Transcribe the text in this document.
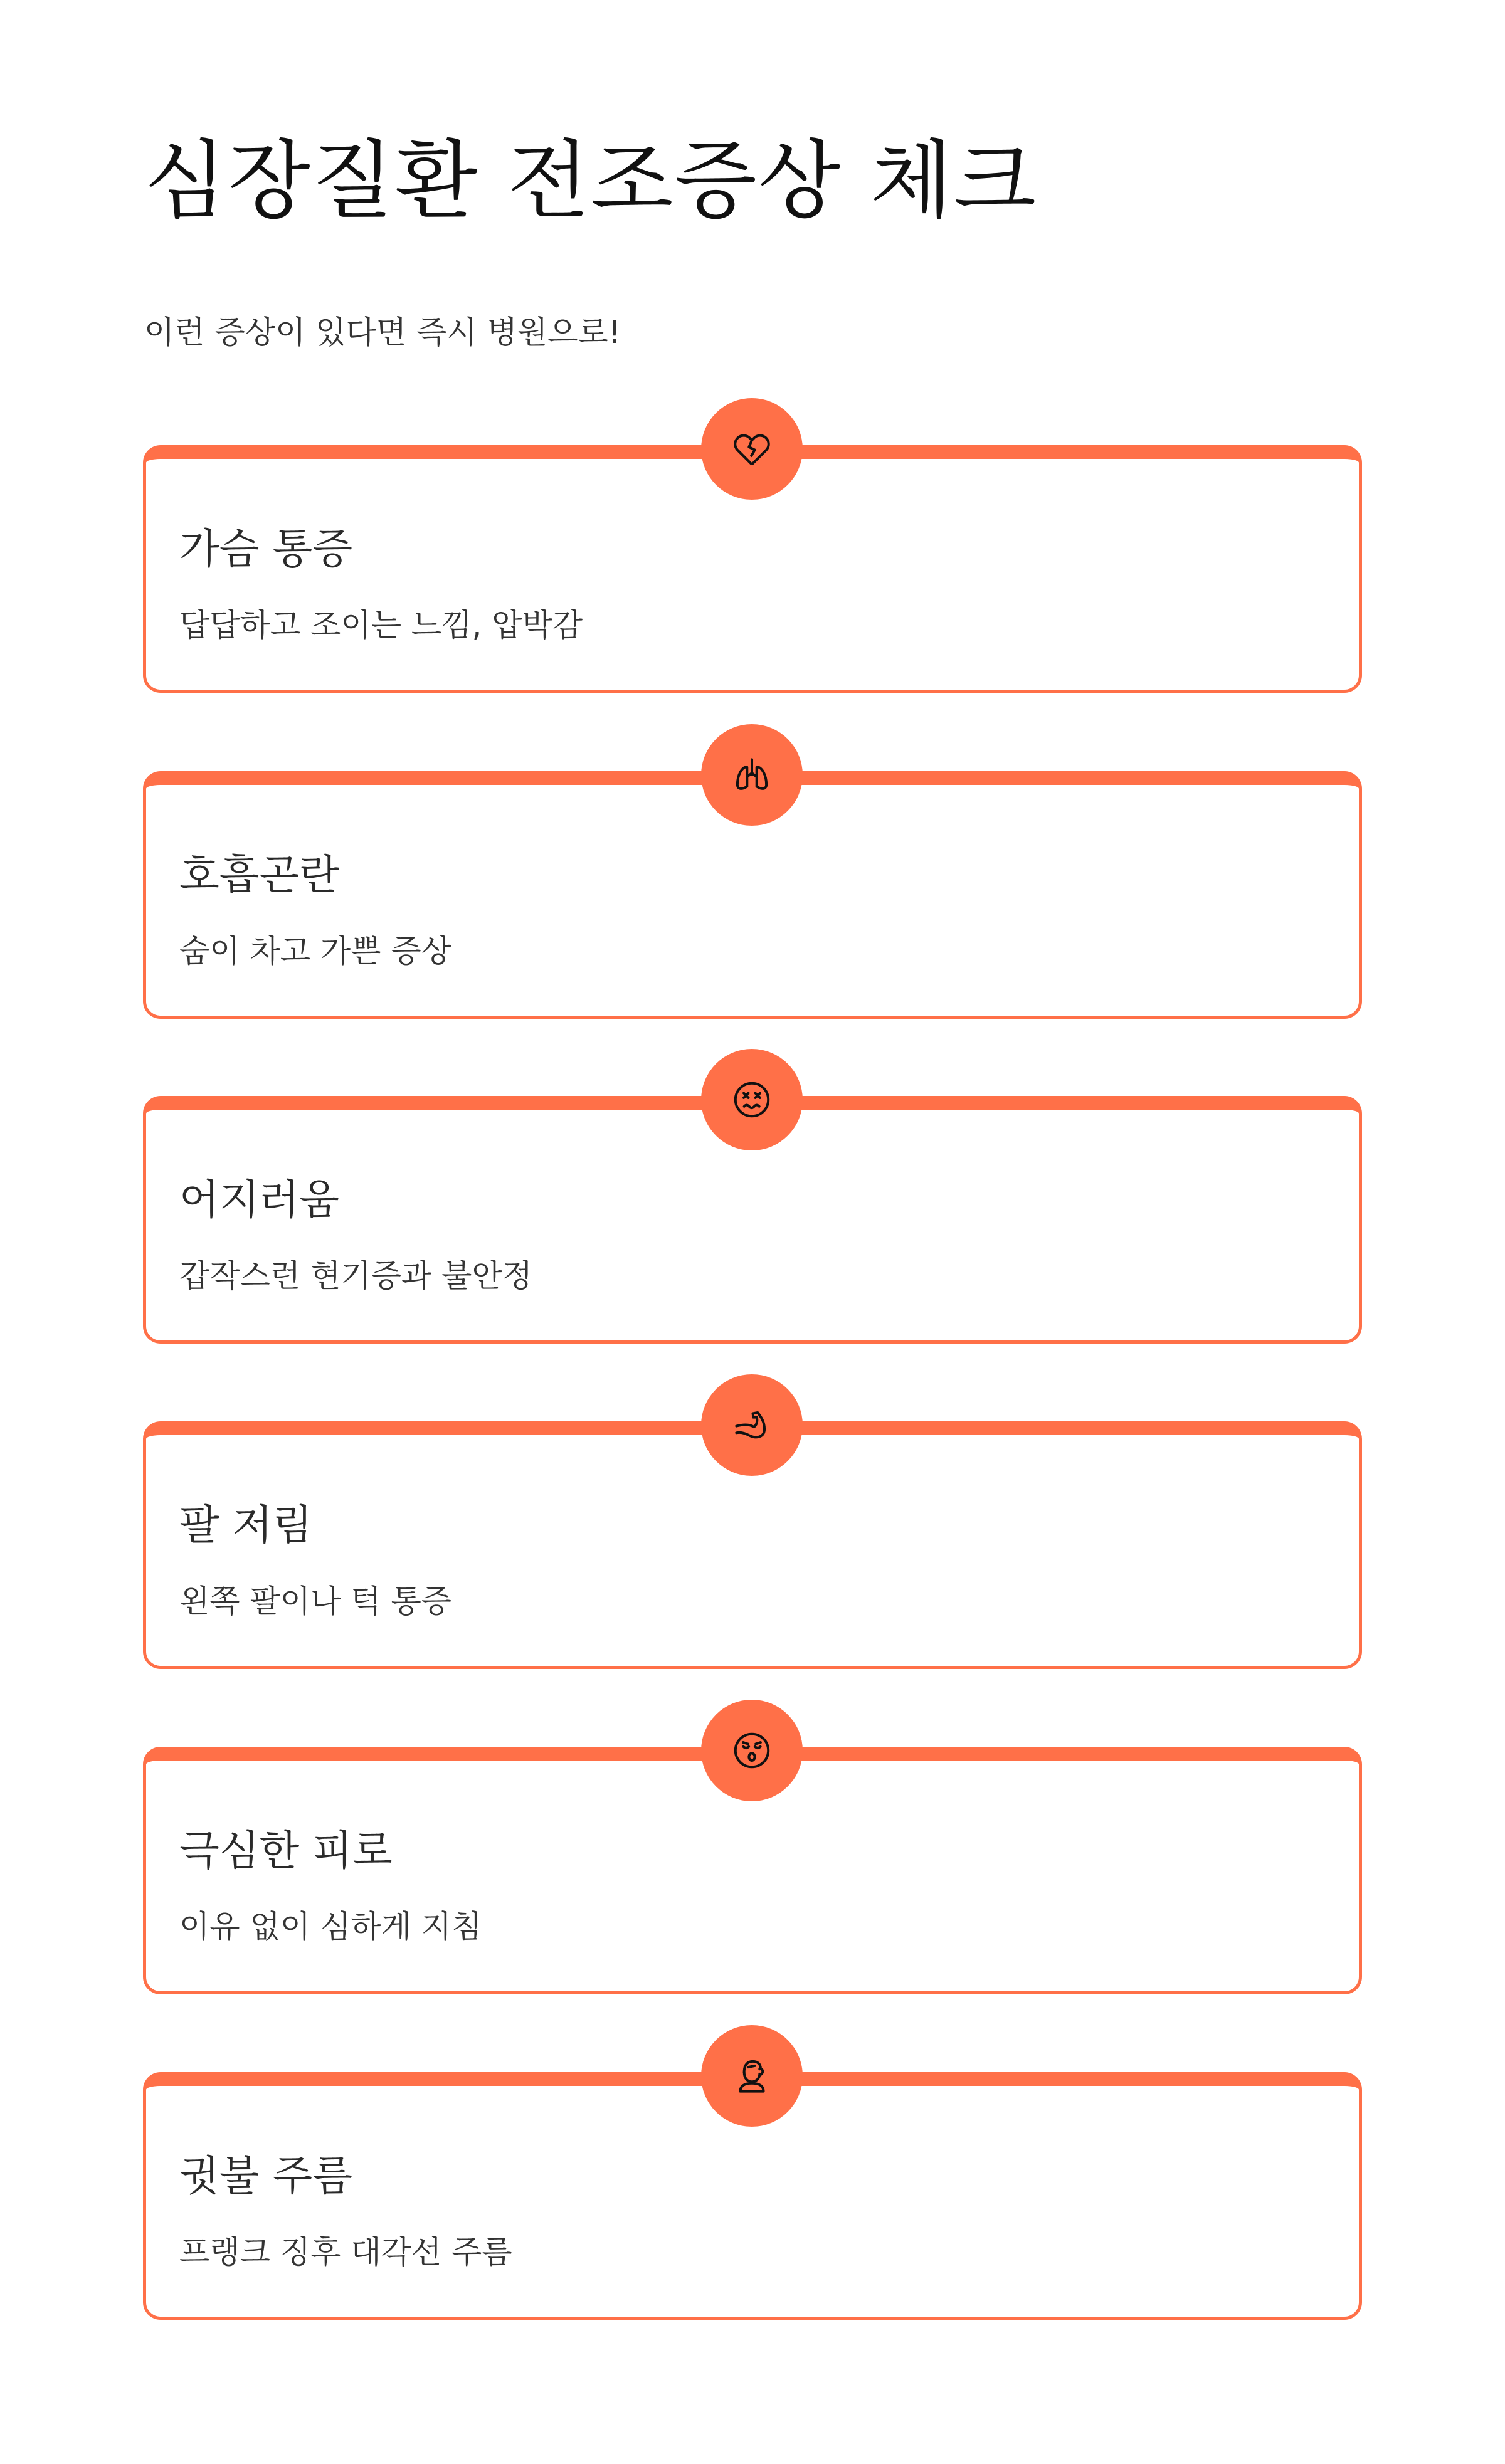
심장질환 전조증상 체크

이런 증상이 있다면 즉시 병원으로!

가슴 통증

답답하고 조이는 느낌, 압박감

호흡곤란

숨이 차고 가쁜 증상

어지러움

갑작스런 현기증과 불안정

팔 저림

왼쪽 팔이나 턱 통증

극심한 피로

이유 없이 심하게 지침

귓불 주름

프랭크 징후 대각선 주름
